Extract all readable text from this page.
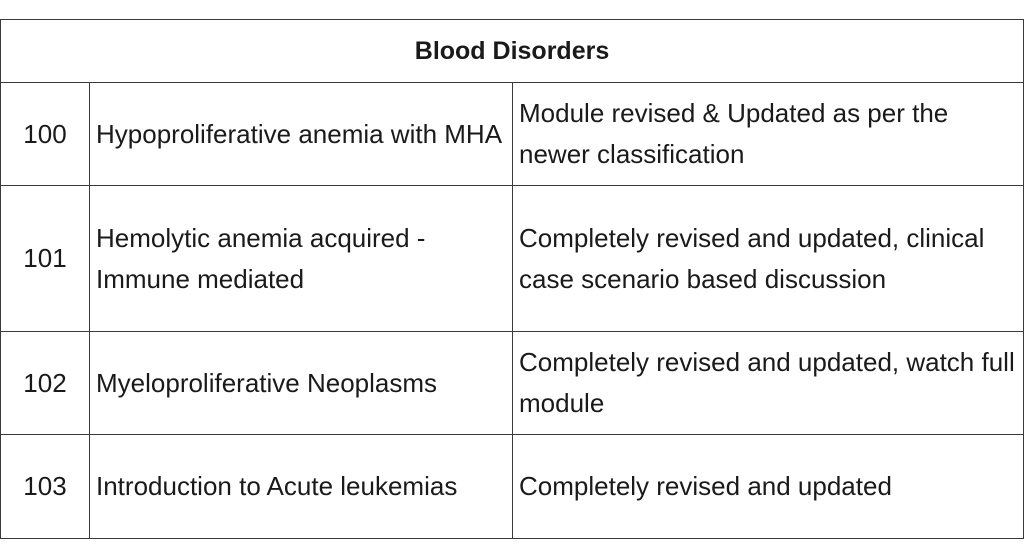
Blood Disorders		
100	Hypoproliferative anemia with MHA	Module revised & Updated as per the newer classification
101	Hemolytic anemia acquired - Immune mediated	Completely revised and updated, clinical case scenario based discussion
102	Myeloproliferative Neoplasms	Completely revised and updated, watch full module
103	Introduction to Acute leukemias	Completely revised and updated
